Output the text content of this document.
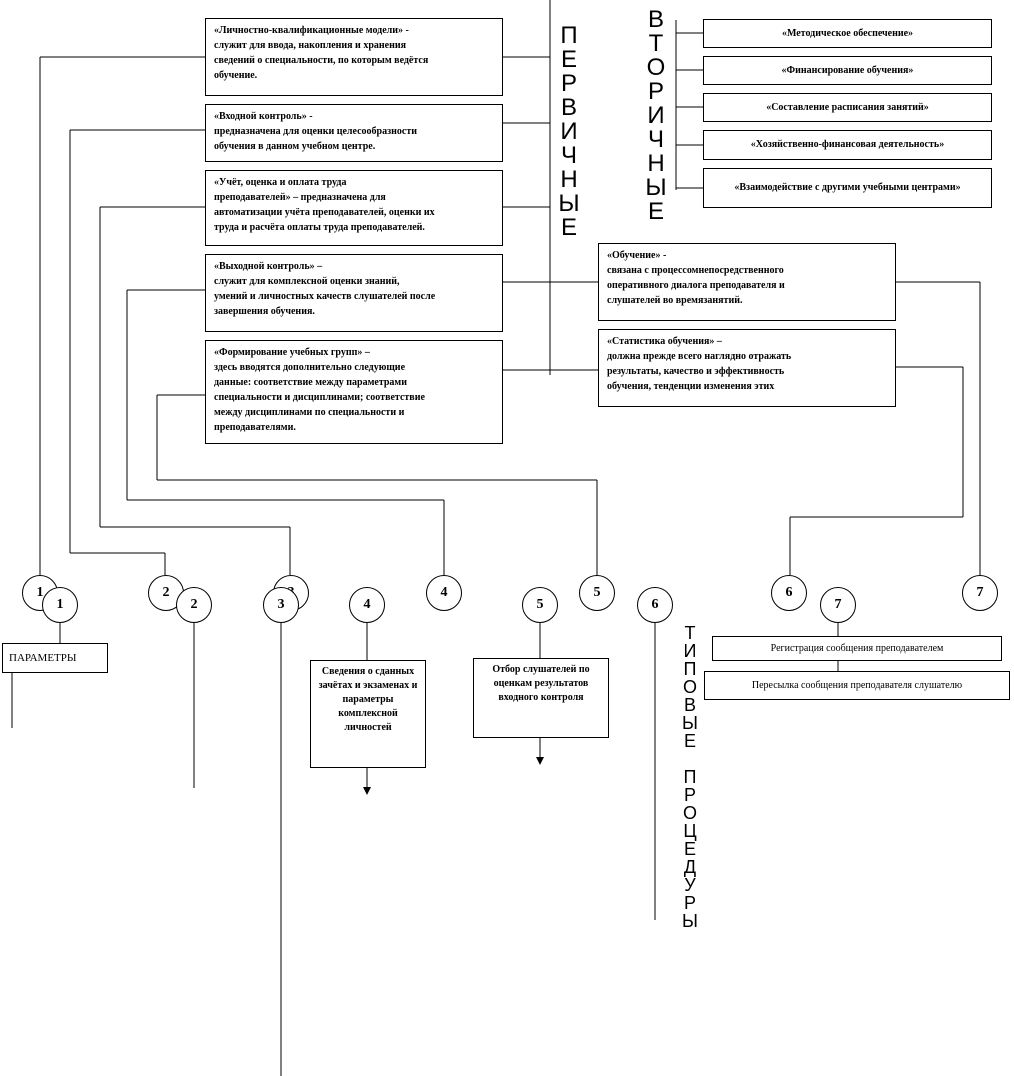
П
Е
Р
В
И
Ч
Н
Ы
Е
В
Т
О
Р
И
Ч
Н
Ы
Е
Т
И
П
О
В
Ы
Е

П
Р
О
Ц
Е
Д
У
Р
Ы
«Личностно-квалификационные модели» -
служит для ввода, накопления и хранения
сведений о специальности, по которым ведётся
обучение.
«Входной контроль» -
предназначена для оценки целесообразности
обучения в данном учебном центре.
«Учёт, оценка и оплата труда
преподавателей» – предназначена для
автоматизации учёта преподавателей, оценки их
труда и расчёта оплаты труда преподавателей.
«Выходной контроль» –
служит для комплексной оценки знаний,
умений и личностных качеств слушателей после
завершения обучения.
«Формирование учебных групп» –
здесь вводятся дополнительно следующие
данные: соответствие между параметрами
специальности и дисциплинами; соответствие
между дисциплинами по специальности и
преподавателями.
«Методическое обеспечение»
«Финансирование обучения»
«Составление расписания занятий»
«Хозяйственно-финансовая деятельность»
«Взаимодействие с другими учебными центрами»
«Обучение» -
связана с процессомнепосредственного
оперативного диалога преподавателя и
слушателей во времязанятий.
«Статистика обучения» –
должна прежде всего наглядно отражать
результаты, качество и эффективность
обучения, тенденции изменения этих
1	2	4	5	6	7
1	2	3	4	5	6	7
ПАРАМЕТРЫ
Сведения о сданных зачётах и экзаменах и параметры комплексной личностей
Отбор слушателей по оценкам результатов входного контроля
Регистрация сообщения преподавателем
Пересылка сообщения преподавателя слушателю
